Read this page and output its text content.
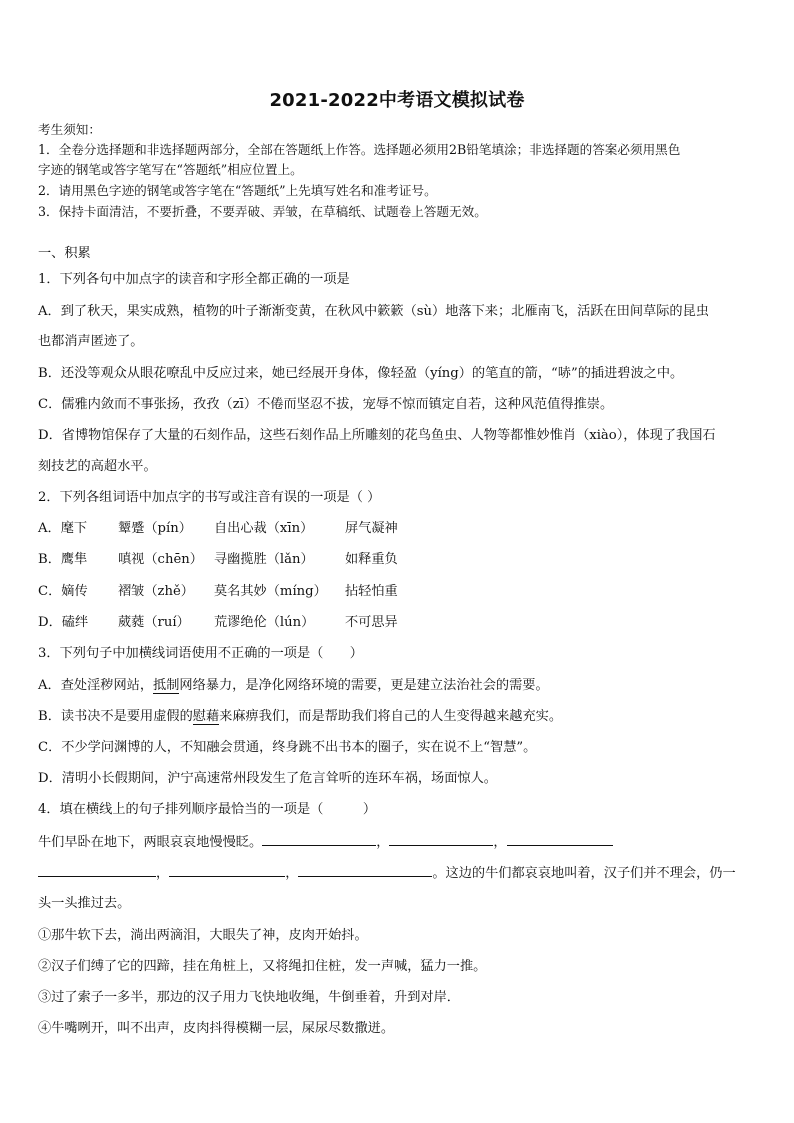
2021-2022中考语文模拟试卷
考生须知：
1．全卷分选择题和非选择题两部分，全部在答题纸上作答。选择题必须用2B铅笔填涂；非选择题的答案必须用黑色
字迹的钢笔或答字笔写在“答题纸”相应位置上。
2．请用黑色字迹的钢笔或答字笔在“答题纸”上先填写姓名和准考证号。
3．保持卡面清洁，不要折叠，不要弄破、弄皱，在草稿纸、试题卷上答题无效。
一、积累
1．下列各句中加点字的读音和字形全都正确的一项是
A．到了秋天，果实成熟，植物的叶子渐渐变黄，在秋风中簌簌（sù）地落下来；北雁南飞，活跃在田间草际的昆虫
也都消声匿迹了。
B．还没等观众从眼花嘹乱中反应过来，她已经展开身体，像轻盈（yíng）的笔直的箭，“哧”的插进碧波之中。
C．儒雅内敛而不事张扬，孜孜（zī）不倦而坚忍不拔，宠辱不惊而镇定自若，这种风范值得推崇。
D．省博物馆保存了大量的石刻作品，这些石刻作品上所雕刻的花鸟鱼虫、人物等都惟妙惟肖（xiào），体现了我国石
刻技艺的高超水平。
2．下列各组词语中加点字的书写或注音有误的一项是（ ）
A．麾下 颦蹙（pín） 自出心裁（xīn） 屏气凝神
B．鹰隼 嗔视（chēn） 寻幽揽胜（lǎn） 如释重负
C．嫡传 褶皱（zhě） 莫名其妙（míng） 拈轻怕重
D．磕绊 葳蕤（ruí） 荒谬绝伦（lún） 不可思异
3．下列句子中加横线词语使用不正确的一项是（　　）
A．查处淫秽网站，抵制网络暴力，是净化网络环境的需要，更是建立法治社会的需要。
B．读书决不是要用虚假的慰藉来麻痹我们，而是帮助我们将自己的人生变得越来越充实。
C．不少学问渊博的人，不知融会贯通，终身跳不出书本的圈子，实在说不上“智慧”。
D．清明小长假期间，沪宁高速常州段发生了危言耸听的连环车祸，场面惊人。
4．填在横线上的句子排列顺序最恰当的一项是（　　　）
牛们早卧在地下，两眼哀哀地慢慢眨。	，	，
，	，	。这边的牛们都哀哀地叫着，汉子们并不理会，仍一
头一头推过去。
①那牛软下去，淌出两滴泪，大眼失了神，皮肉开始抖。
②汉子们缚了它的四蹄，挂在角桩上，又将绳扣住桩，发一声喊，猛力一推。
③过了索子一多半，那边的汉子用力飞快地收绳，牛倒垂着，升到对岸．
④牛嘴咧开，叫不出声，皮肉抖得模糊一层，屎尿尽数撒迸。
